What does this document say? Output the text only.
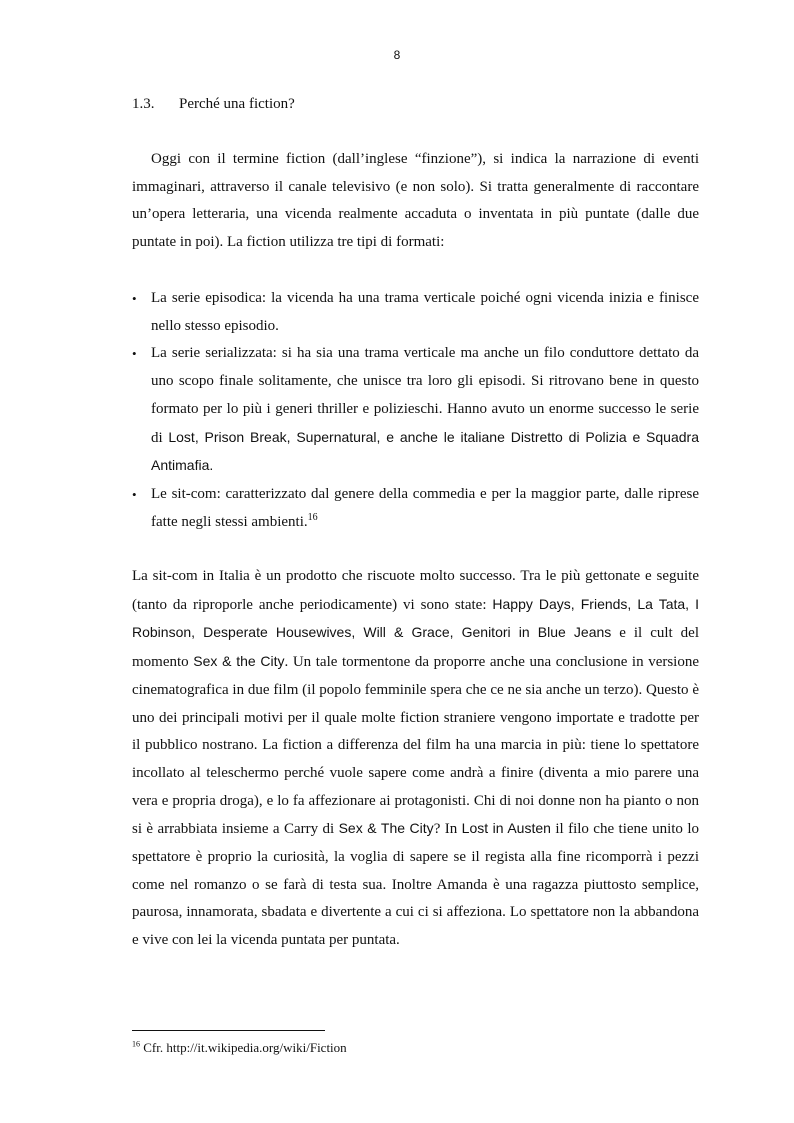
8
1.3. Perché una fiction?
Oggi con il termine fiction (dall’inglese “finzione”), si indica la narrazione di eventi immaginari, attraverso il canale televisivo (e non solo). Si tratta generalmente di raccontare un’opera letteraria, una vicenda realmente accaduta o inventata in più puntate (dalle due puntate in poi). La fiction utilizza tre tipi di formati:
• La serie episodica: la vicenda ha una trama verticale poiché ogni vicenda inizia e finisce nello stesso episodio.
• La serie serializzata: si ha sia una trama verticale ma anche un filo conduttore dettato da uno scopo finale solitamente, che unisce tra loro gli episodi. Si ritrovano bene in questo formato per lo più i generi thriller e polizieschi. Hanno avuto un enorme successo le serie di Lost, Prison Break, Supernatural, e anche le italiane Distretto di Polizia e Squadra Antimafia.
• Le sit-com: caratterizzato dal genere della commedia e per la maggior parte, dalle riprese fatte negli stessi ambienti.$^{16}$
La sit-com in Italia è un prodotto che riscuote molto successo. Tra le più gettonate e seguite (tanto da riproporle anche periodicamente) vi sono state: Happy Days, Friends, La Tata, I Robinson, Desperate Housewives, Will & Grace, Genitori in Blue Jeans e il cult del momento Sex & the City. Un tale tormentone da proporre anche una conclusione in versione cinematografica in due film (il popolo femminile spera che ce ne sia anche un terzo). Questo è uno dei principali motivi per il quale molte fiction straniere vengono importate e tradotte per il pubblico nostrano. La fiction a differenza del film ha una marcia in più: tiene lo spettatore incollato al teleschermo perché vuole sapere come andrà a finire (diventa a mio parere una vera e propria droga), e lo fa affezionare ai protagonisti. Chi di noi donne non ha pianto o non si è arrabbiata insieme a Carry di Sex & The City? In Lost in Austen il filo che tiene unito lo spettatore è proprio la curiosità, la voglia di sapere se il regista alla fine ricomporrà i pezzi come nel romanzo o se farà di testa sua. Inoltre Amanda è una ragazza piuttosto semplice, paurosa, innamorata, sbadata e divertente a cui ci si affeziona. Lo spettatore non la abbandona e vive con lei la vicenda puntata per puntata.
$^{16}$ Cfr. http://it.wikipedia.org/wiki/Fiction
